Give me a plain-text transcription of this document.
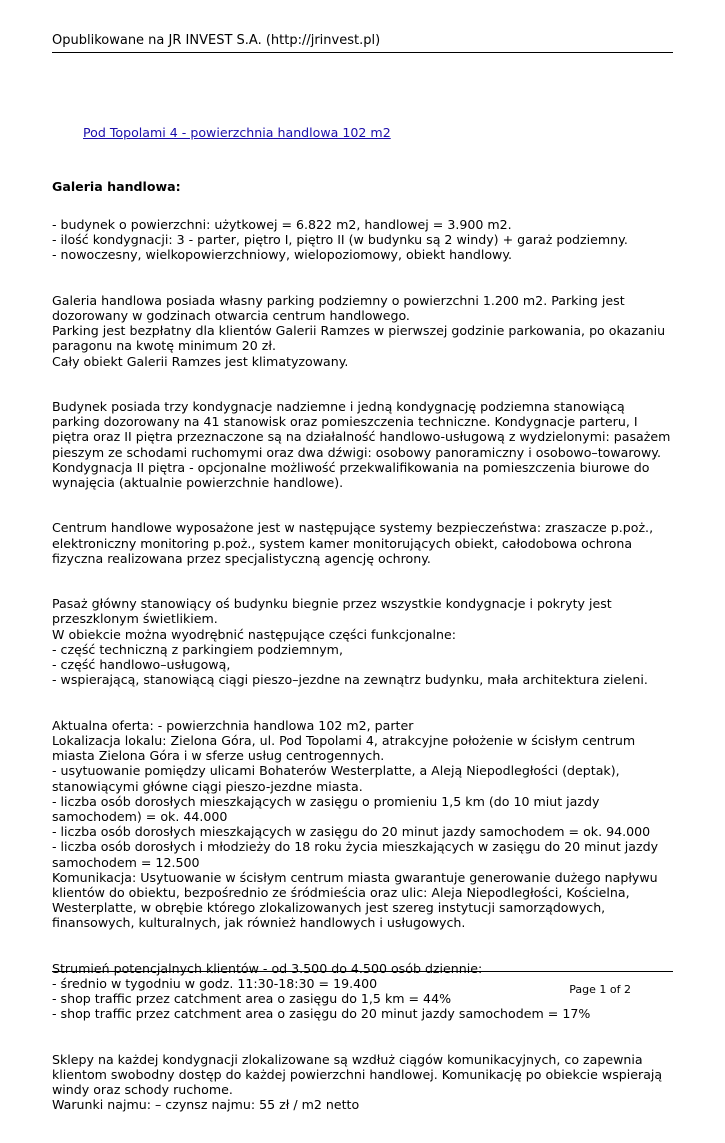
Opublikowane na JR INVEST S.A. (http://jrinvest.pl)

Pod Topolami 4 - powierzchnia handlowa 102 m2

Galeria handlowa:

- budynek o powierzchni: użytkowej = 6.822 m2, handlowej = 3.900 m2.
- ilość kondygnacji: 3 - parter, piętro I, piętro II (w budynku są 2 windy) + garaż podziemny.
- nowoczesny, wielkopowierzchniowy, wielopoziomowy, obiekt handlowy.

Galeria handlowa posiada własny parking podziemny o powierzchni 1.200 m2. Parking jest dozorowany w godzinach otwarcia centrum handlowego.
Parking jest bezpłatny dla klientów Galerii Ramzes w pierwszej godzinie parkowania, po okazaniu paragonu na kwotę minimum 20 zł.
Cały obiekt Galerii Ramzes jest klimatyzowany.

Budynek posiada trzy kondygnacje nadziemne i jedną kondygnację podziemna stanowiącą parking dozorowany na 41 stanowisk oraz pomieszczenia techniczne. Kondygnacje parteru, I piętra oraz II piętra przeznaczone są na działalność handlowo-usługową z wydzielonymi: pasażem pieszym ze schodami ruchomymi oraz dwa dźwigi: osobowy panoramiczny i osobowo–towarowy. Kondygnacja II piętra - opcjonalne możliwość przekwalifikowania na pomieszczenia biurowe do wynajęcia (aktualnie powierzchnie handlowe).

Centrum handlowe wyposażone jest w następujące systemy bezpieczeństwa: zraszacze p.poż., elektroniczny monitoring p.poż., system kamer monitorujących obiekt, całodobowa ochrona fizyczna realizowana przez specjalistyczną agencję ochrony.

Pasaż główny stanowiący oś budynku biegnie przez wszystkie kondygnacje i pokryty jest przeszklonym świetlikiem.
W obiekcie można wyodrębnić następujące części funkcjonalne:
- część techniczną z parkingiem podziemnym,
- część handlowo–usługową,
- wspierającą, stanowiącą ciągi pieszo–jezdne na zewnątrz budynku, mała architektura zieleni.

Aktualna oferta: - powierzchnia handlowa 102 m2, parter
Lokalizacja lokalu: Zielona Góra, ul. Pod Topolami 4, atrakcyjne położenie w ścisłym centrum miasta Zielona Góra i w sferze usług centrogennych.
- usytuowanie pomiędzy ulicami Bohaterów Westerplatte, a Aleją Niepodległości (deptak), stanowiącymi główne ciągi pieszo-jezdne miasta.
- liczba osób dorosłych mieszkających w zasięgu o promieniu 1,5 km (do 10 miut jazdy samochodem) = ok. 44.000
- liczba osób dorosłych mieszkających w zasięgu do 20 minut jazdy samochodem = ok. 94.000
- liczba osób dorosłych i młodzieży do 18 roku życia mieszkających w zasięgu do 20 minut jazdy samochodem = 12.500
Komunikacja: Usytuowanie w ścisłym centrum miasta gwarantuje generowanie dużego napływu klientów do obiektu, bezpośrednio ze śródmieścia oraz ulic: Aleja Niepodległości, Kościelna, Westerplatte, w obrębie którego zlokalizowanych jest szereg instytucji samorządowych, finansowych, kulturalnych, jak również handlowych i usługowych.

Strumień potencjalnych klientów - od 3.500 do 4.500 osób dziennie:
- średnio w tygodniu w godz. 11:30-18:30 = 19.400
- shop traffic przez catchment area o zasięgu do 1,5 km = 44%
- shop traffic przez catchment area o zasięgu do 20 minut jazdy samochodem = 17%

Sklepy na każdej kondygnacji zlokalizowane są wzdłuż ciągów komunikacyjnych, co zapewnia klientom swobodny dostęp do każdej powierzchni handlowej. Komunikację po obiekcie wspierają windy oraz schody ruchome.
Warunki najmu: – czynsz najmu: 55 zł / m2 netto

Page 1 of 2
